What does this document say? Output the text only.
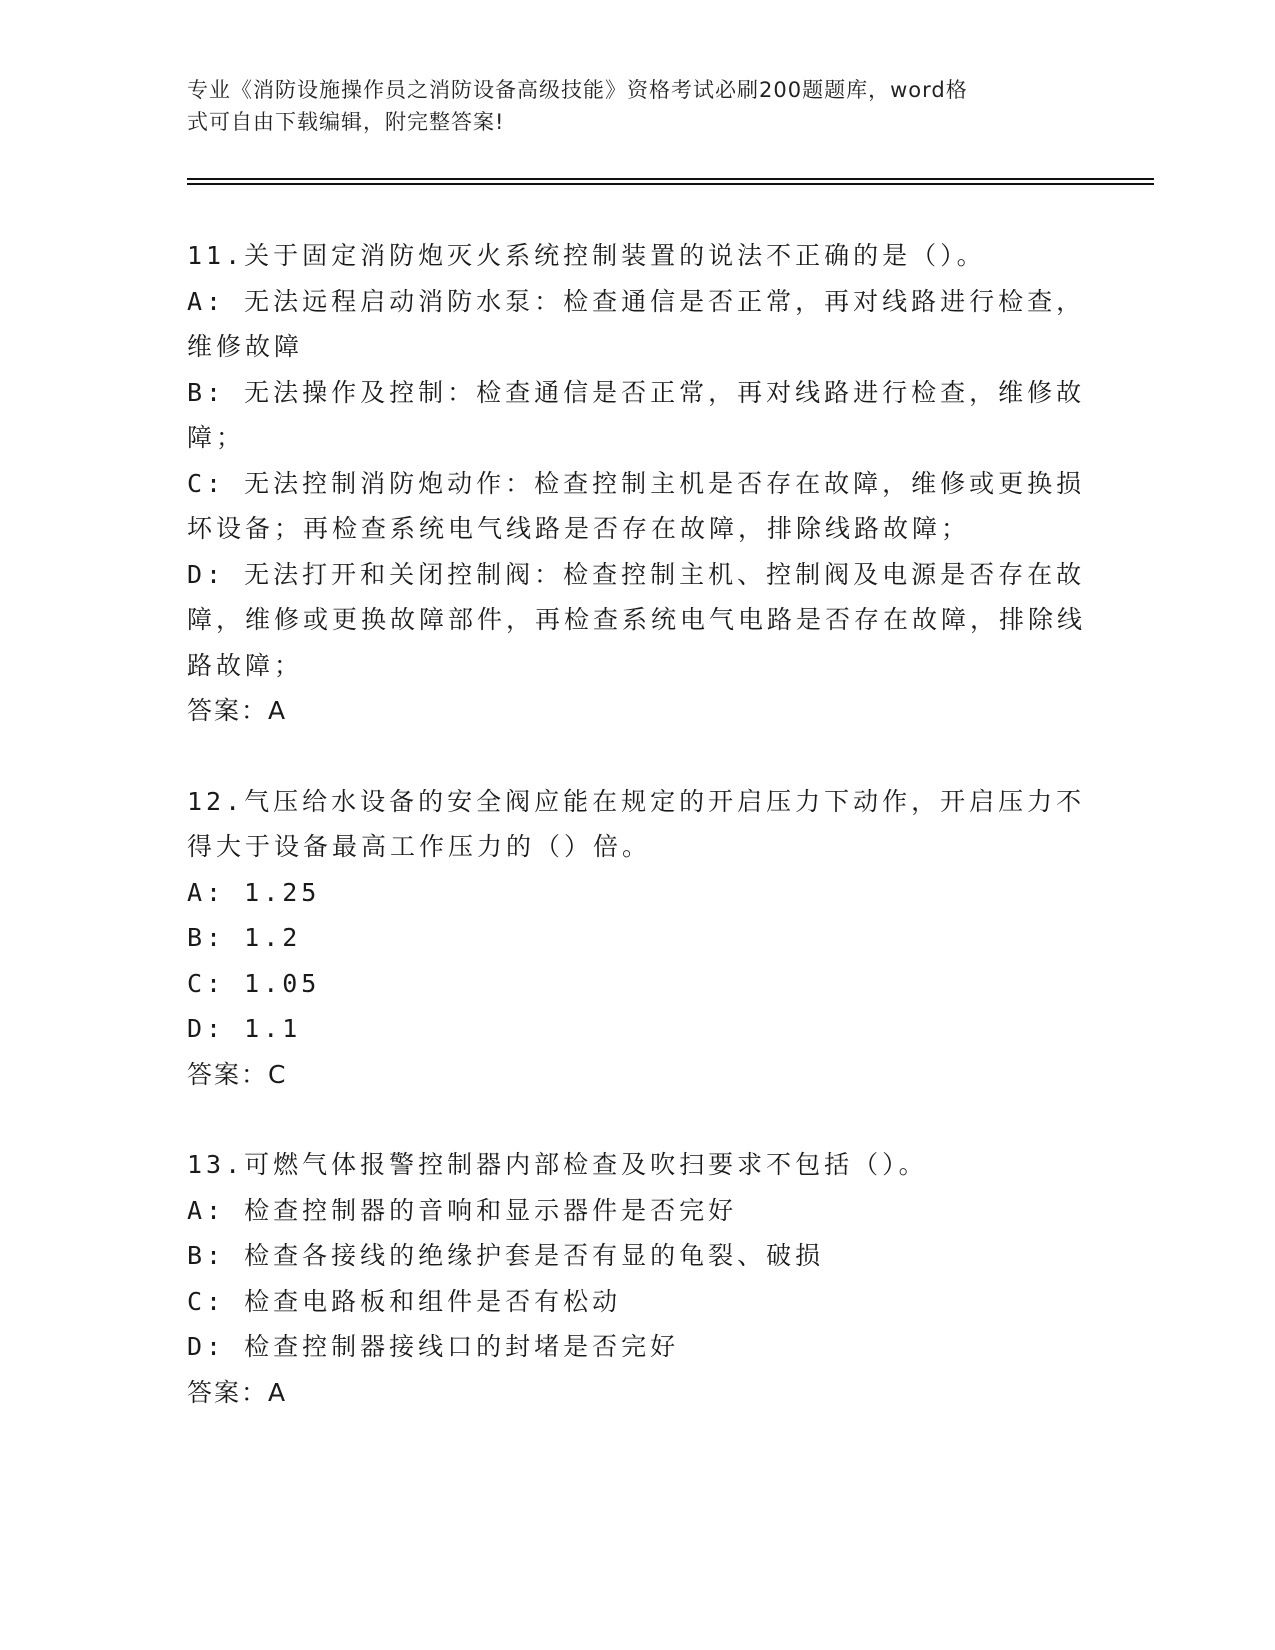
专业《消防设施操作员之消防设备高级技能》资格考试必刷200题题库，word格
式可自由下载编辑，附完整答案!
11.关于固定消防炮灭火系统控制装置的说法不正确的是（）。
A: 无法远程启动消防水泵：检查通信是否正常，再对线路进行检查，维修故障
B: 无法操作及控制：检查通信是否正常，再对线路进行检查，维修故障；
C: 无法控制消防炮动作：检查控制主机是否存在故障，维修或更换损坏设备；再检查系统电气线路是否存在故障，排除线路故障；
D: 无法打开和关闭控制阀：检查控制主机、控制阀及电源是否存在故障，维修或更换故障部件，再检查系统电气电路是否存在故障，排除线路故障；
答案：A
12.气压给水设备的安全阀应能在规定的开启压力下动作，开启压力不得大于设备最高工作压力的（）倍。
A: 1.25
B: 1.2
C: 1.05
D: 1.1
答案：C
13.可燃气体报警控制器内部检查及吹扫要求不包括（）。
A: 检查控制器的音响和显示器件是否完好
B: 检查各接线的绝缘护套是否有显的龟裂、破损
C: 检查电路板和组件是否有松动
D: 检查控制器接线口的封堵是否完好
答案：A
